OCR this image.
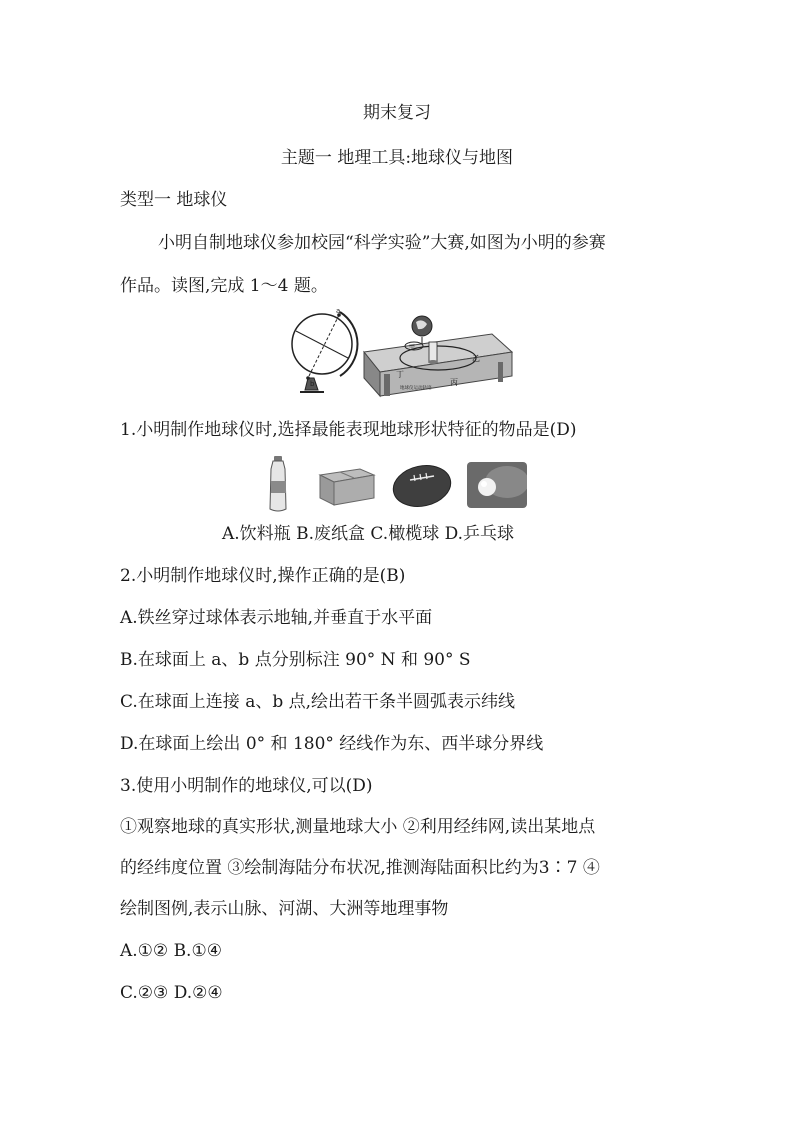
期末复习
主题一 地理工具:地球仪与地图
类型一 地球仪
小明自制地球仪参加校园“科学实验”大赛,如图为小明的参赛
作品。读图,完成 1～4 题。
a
b
甲
乙
丙
丁
地球仪运动轨迹
1.小明制作地球仪时,选择最能表现地球形状特征的物品是(D)
A.饮料瓶 B.废纸盒 C.橄榄球 D.乒乓球
2.小明制作地球仪时,操作正确的是(B)
A.铁丝穿过球体表示地轴,并垂直于水平面
B.在球面上 a、b 点分别标注 90° N 和 90° S
C.在球面上连接 a、b 点,绘出若干条半圆弧表示纬线
D.在球面上绘出 0° 和 180° 经线作为东、西半球分界线
3.使用小明制作的地球仪,可以(D)
①观察地球的真实形状,测量地球大小 ②利用经纬网,读出某地点
的经纬度位置 ③绘制海陆分布状况,推测海陆面积比约为3∶7 ④
绘制图例,表示山脉、河湖、大洲等地理事物
A.①② B.①④
C.②③ D.②④
